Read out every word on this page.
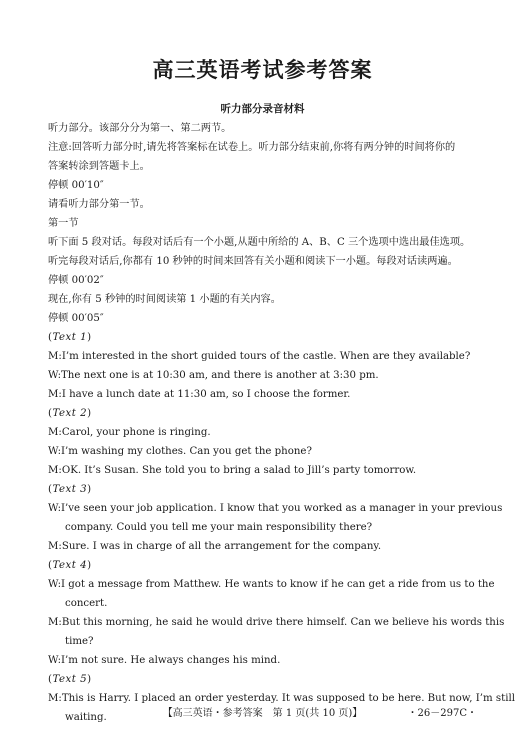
高三英语考试参考答案
听力部分录音材料
听力部分。该部分分为第一、第二两节。
注意:回答听力部分时,请先将答案标在试卷上。听力部分结束前,你将有两分钟的时间将你的
答案转涂到答题卡上。
停顿 00′10″
请看听力部分第一节。
第一节
听下面 5 段对话。每段对话后有一个小题,从题中所给的 A、B、C 三个选项中选出最佳选项。
听完每段对话后,你都有 10 秒钟的时间来回答有关小题和阅读下一小题。每段对话读两遍。
停顿 00′02″
现在,你有 5 秒钟的时间阅读第 1 小题的有关内容。
停顿 00′05″
(Text 1)
M:I’m interested in the short guided tours of the castle. When are they available?
W:The next one is at 10:30 am, and there is another at 3:30 pm.
M:I have a lunch date at 11:30 am, so I choose the former.
(Text 2)
M:Carol, your phone is ringing.
W:I’m washing my clothes. Can you get the phone?
M:OK. It’s Susan. She told you to bring a salad to Jill’s party tomorrow.
(Text 3)
W:I’ve seen your job application. I know that you worked as a manager in your previous
company. Could you tell me your main responsibility there?
M:Sure. I was in charge of all the arrangement for the company.
(Text 4)
W:I got a message from Matthew. He wants to know if he can get a ride from us to the
concert.
M:But this morning, he said he would drive there himself. Can we believe his words this
time?
W:I’m not sure. He always changes his mind.
(Text 5)
M:This is Harry. I placed an order yesterday. It was supposed to be here. But now, I’m still
waiting.	【高三英语・参考答案　第 1 页(共 10 页)】	・26－297C・
